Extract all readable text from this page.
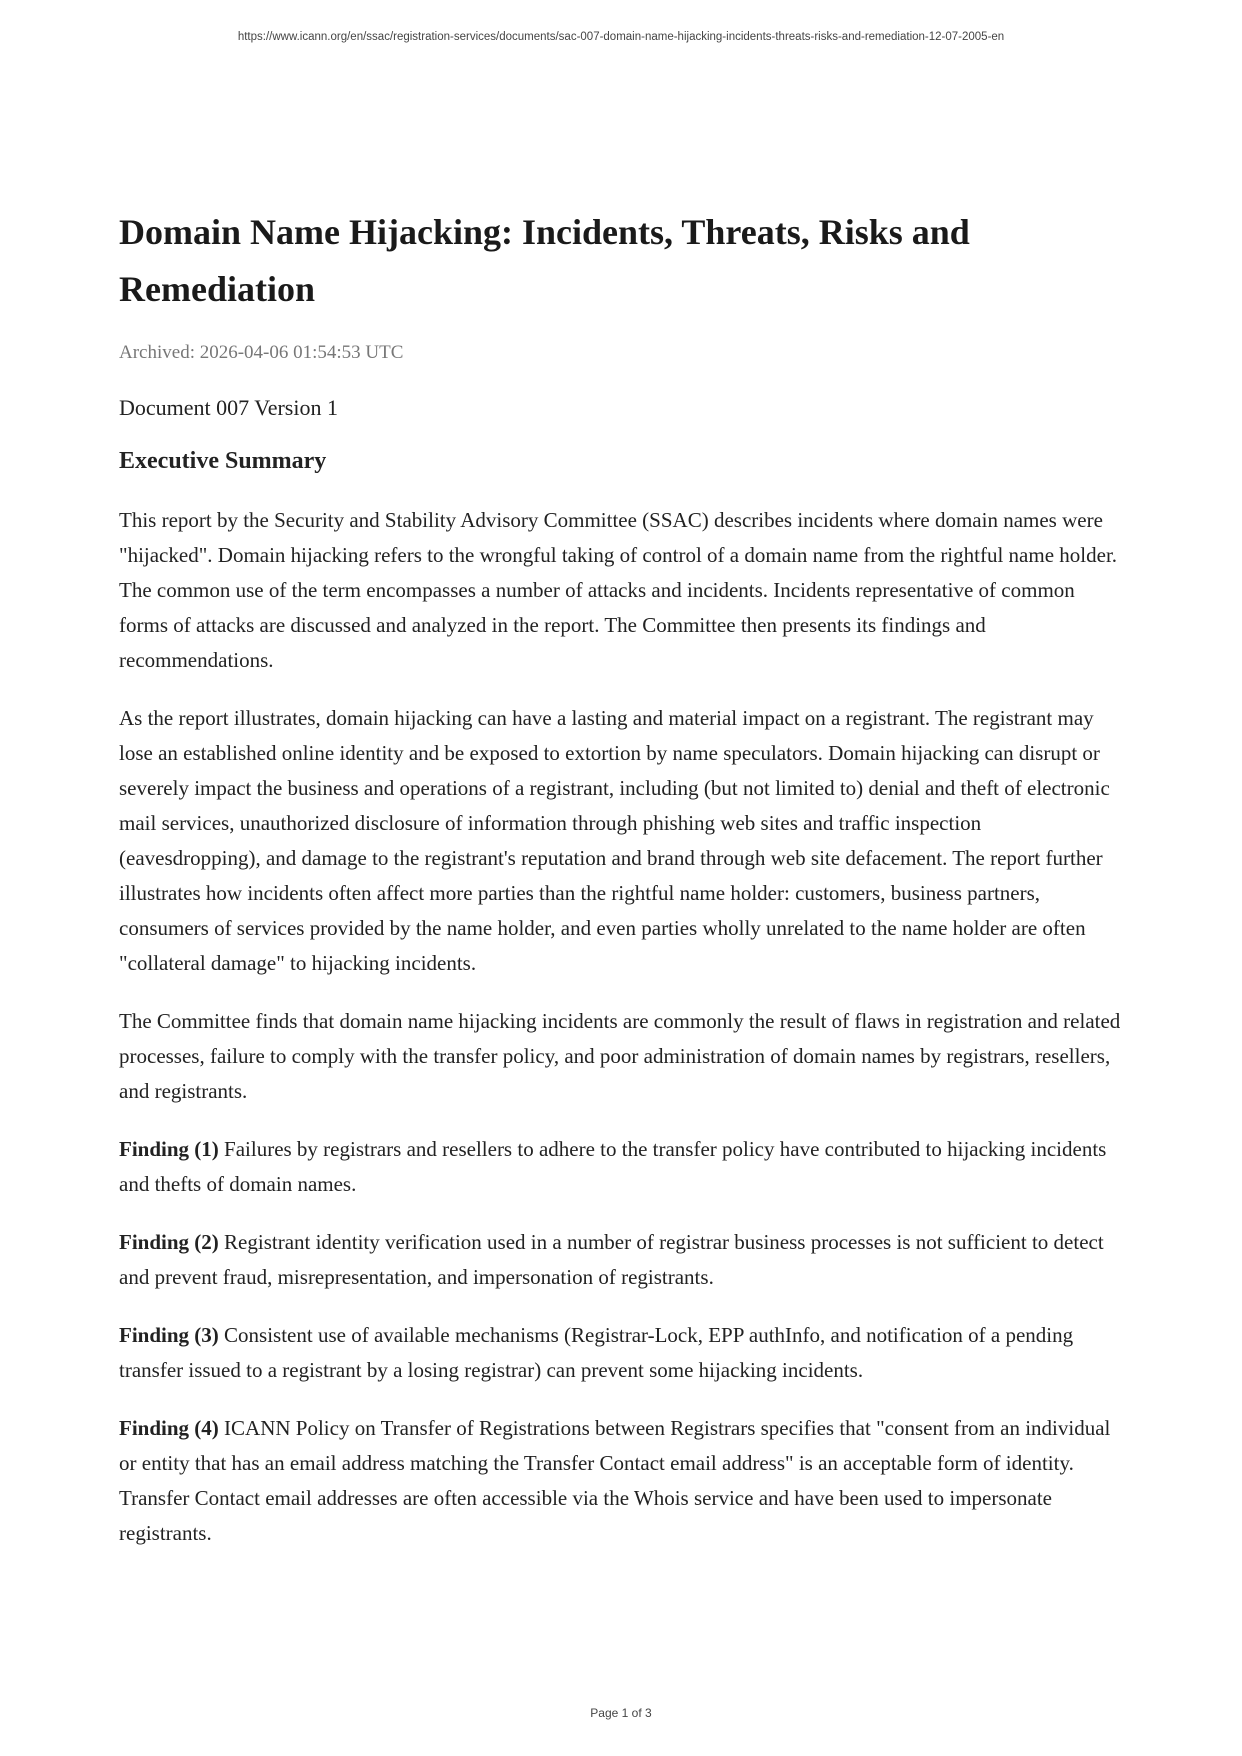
https://www.icann.org/en/ssac/registration-services/documents/sac-007-domain-name-hijacking-incidents-threats-risks-and-remediation-12-07-2005-en
Domain Name Hijacking: Incidents, Threats, Risks and Remediation
Archived: 2026-04-06 01:54:53 UTC
Document 007 Version 1
Executive Summary

This report by the Security and Stability Advisory Committee (SSAC) describes incidents where domain names were "hijacked". Domain hijacking refers to the wrongful taking of control of a domain name from the rightful name holder. The common use of the term encompasses a number of attacks and incidents. Incidents representative of common forms of attacks are discussed and analyzed in the report. The Committee then presents its findings and recommendations.

As the report illustrates, domain hijacking can have a lasting and material impact on a registrant. The registrant may lose an established online identity and be exposed to extortion by name speculators. Domain hijacking can disrupt or severely impact the business and operations of a registrant, including (but not limited to) denial and theft of electronic mail services, unauthorized disclosure of information through phishing web sites and traffic inspection (eavesdropping), and damage to the registrant's reputation and brand through web site defacement. The report further illustrates how incidents often affect more parties than the rightful name holder: customers, business partners, consumers of services provided by the name holder, and even parties wholly unrelated to the name holder are often "collateral damage" to hijacking incidents.

The Committee finds that domain name hijacking incidents are commonly the result of flaws in registration and related processes, failure to comply with the transfer policy, and poor administration of domain names by registrars, resellers, and registrants.

Finding (1) Failures by registrars and resellers to adhere to the transfer policy have contributed to hijacking incidents and thefts of domain names.

Finding (2) Registrant identity verification used in a number of registrar business processes is not sufficient to detect and prevent fraud, misrepresentation, and impersonation of registrants.

Finding (3) Consistent use of available mechanisms (Registrar-Lock, EPP authInfo, and notification of a pending transfer issued to a registrant by a losing registrar) can prevent some hijacking incidents.

Finding (4) ICANN Policy on Transfer of Registrations between Registrars specifies that "consent from an individual or entity that has an email address matching the Transfer Contact email address" is an acceptable form of identity. Transfer Contact email addresses are often accessible via the Whois service and have been used to impersonate registrants.

Page 1 of 3
